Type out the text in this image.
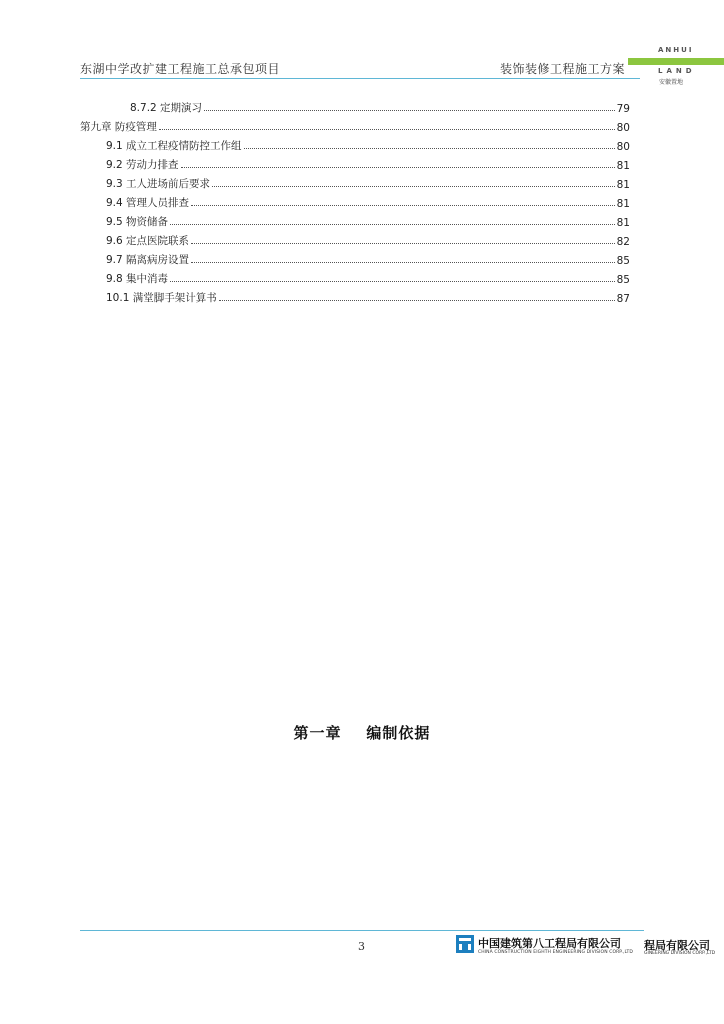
东湖中学改扩建工程施工总承包项目	装饰装修工程施工方案
ANHUI
LAND
安徽置地
8.7.2 定期演习	79
第九章 防疫管理	80
9.1 成立工程疫情防控工作组	80
9.2 劳动力排查	81
9.3 工人进场前后要求	81
9.4 管理人员排查	81
9.5 物资储备	81
9.6 定点医院联系	82
9.7 隔离病房设置	85
9.8 集中消毒	85
10.1 满堂脚手架计算书	87
第一章    编制依据
3	中国建筑第八工程局有限公司
CHINA CONSTRUCTION EIGHTH ENGINEERING DIVISION CORP.,LTD
程局有限公司
GINEERING DIVISION CORP.,LTD
